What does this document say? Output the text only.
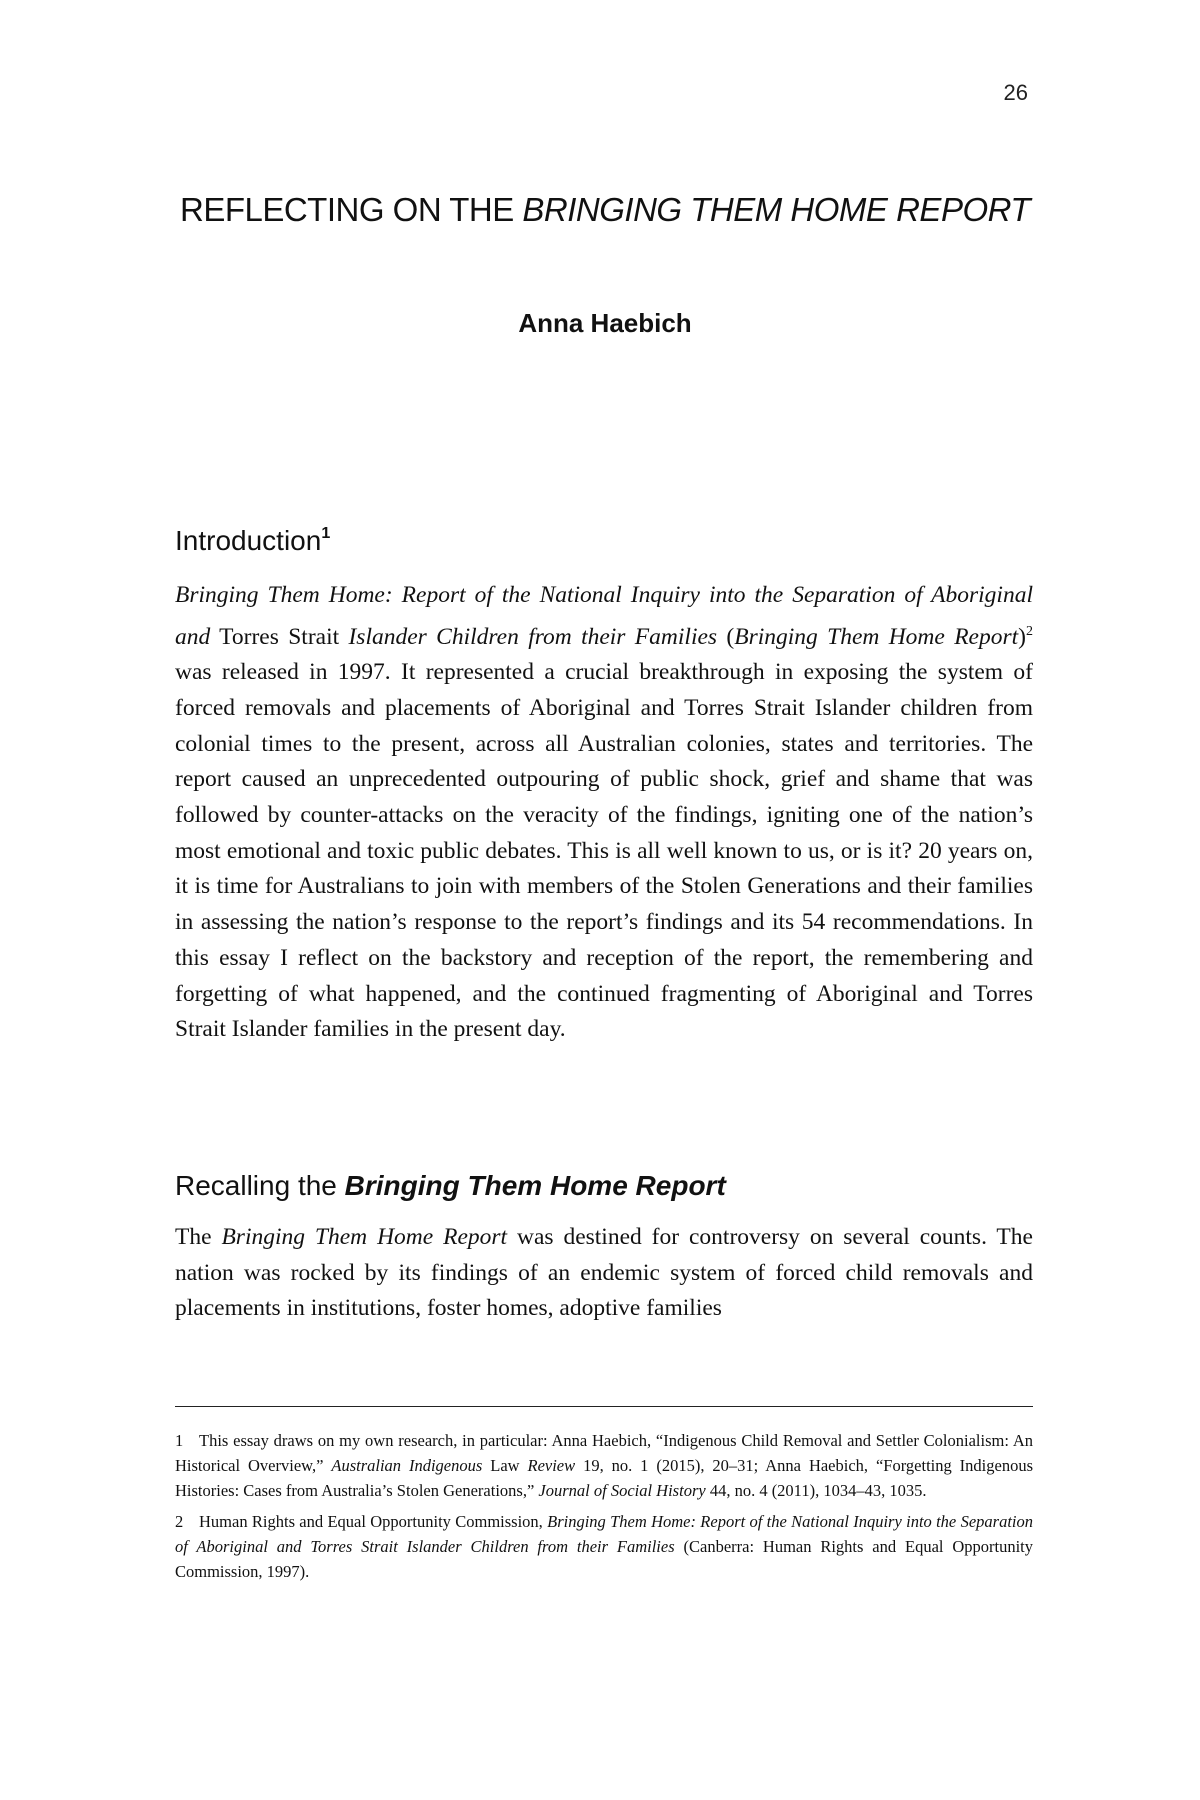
26
REFLECTING ON THE BRINGING THEM HOME REPORT

Anna Haebich

Introduction$^1$

Bringing Them Home: Report of the National Inquiry into the Separation of Aboriginal and Torres Strait Islander Children from their Families (Bringing Them Home Report)$^2$ was released in 1997. It represented a crucial breakthrough in exposing the system of forced removals and placements of Aboriginal and Torres Strait Islander children from colonial times to the present, across all Australian colonies, states and territories. The report caused an unprecedented outpouring of public shock, grief and shame that was followed by counter-attacks on the veracity of the findings, igniting one of the nation’s most emotional and toxic public debates. This is all well known to us, or is it? 20 years on, it is time for Australians to join with members of the Stolen Generations and their families in assessing the nation’s response to the report’s findings and its 54 recommendations. In this essay I reflect on the backstory and reception of the report, the remembering and forgetting of what happened, and the continued fragmenting of Aboriginal and Torres Strait Islander families in the present day.

Recalling the Bringing Them Home Report

The Bringing Them Home Report was destined for controversy on several counts. The nation was rocked by its findings of an endemic system of forced child removals and placements in institutions, foster homes, adoptive families

1 This essay draws on my own research, in particular: Anna Haebich, “Indigenous Child Removal and Settler Colonialism: An Historical Overview,” Australian Indigenous Law Review 19, no. 1 (2015), 20–31; Anna Haebich, “Forgetting Indigenous Histories: Cases from Australia’s Stolen Generations,” Journal of Social History 44, no. 4 (2011), 1034–43, 1035.

2 Human Rights and Equal Opportunity Commission, Bringing Them Home: Report of the National Inquiry into the Separation of Aboriginal and Torres Strait Islander Children from their Families (Canberra: Human Rights and Equal Opportunity Commission, 1997).
